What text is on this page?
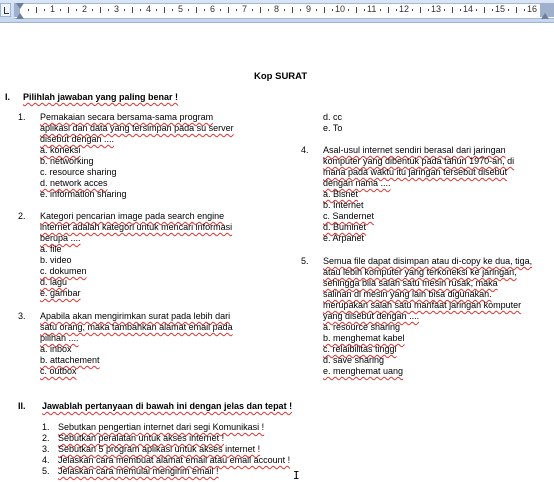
1	2	3	4	5	6	7	8	9	10 11	12 13 14 15 16
Kop SURAT
I. Pilihlah jawaban yang paling benar !
1. Pemakaian secara bersama-sama program
aplikasi dan data yang tersimpan pada su server
disebut dengan ....
a. koneksi
b. networking
c. resource sharing
d. network acces
e. information sharing
2. Kategori pencarian image pada search engine
internet adalah kategori untuk mencari informasi
berupa ....
a. file
b. video
c. dokumen
d. lagu
e. gambar
3. Apabila akan mengirimkan surat pada lebih dari
satu orang, maka tambahkan alamat email pada
pilihan ....
a. inbox
b. attachement
c. outbox
d. cc
e. To
4. Asal-usul internet sendiri berasal dari jaringan
komputer yang dibentuk pada tahun 1970-an, di
mana pada waktu itu jaringan tersebut disebut
dengan nama ....
a. Bisnet
b. Internet
c. Sandernet
d. Buminet
e. Arpanet
5. Semua file dapat disimpan atau di-copy ke dua, tiga,
atau lebih komputer yang terkoneksi ke jaringan,
sehingga bila salah satu mesin rusak, maka
salinan di mesin yang lain bisa digunakan.
merupakan salah satu manfaat jaringan komputer
yang disebut dengan ....
a. resource sharing
b. menghemat kabel
c. relaibilitas tinggi
d. save sharing
e. menghemat uang
II. Jawablah pertanyaan di bawah ini dengan jelas dan tepat !
1. Sebutkan pengertian internet dari segi Komunikasi !
2. Sebutkan peralatan untuk akses internet !
3. Sebutkan 5 program aplikasi untuk akses internet !
4. Jelaskan cara membuat alamat email atau email account !
5. Jelaskan cara memulai mengirim email !	I
